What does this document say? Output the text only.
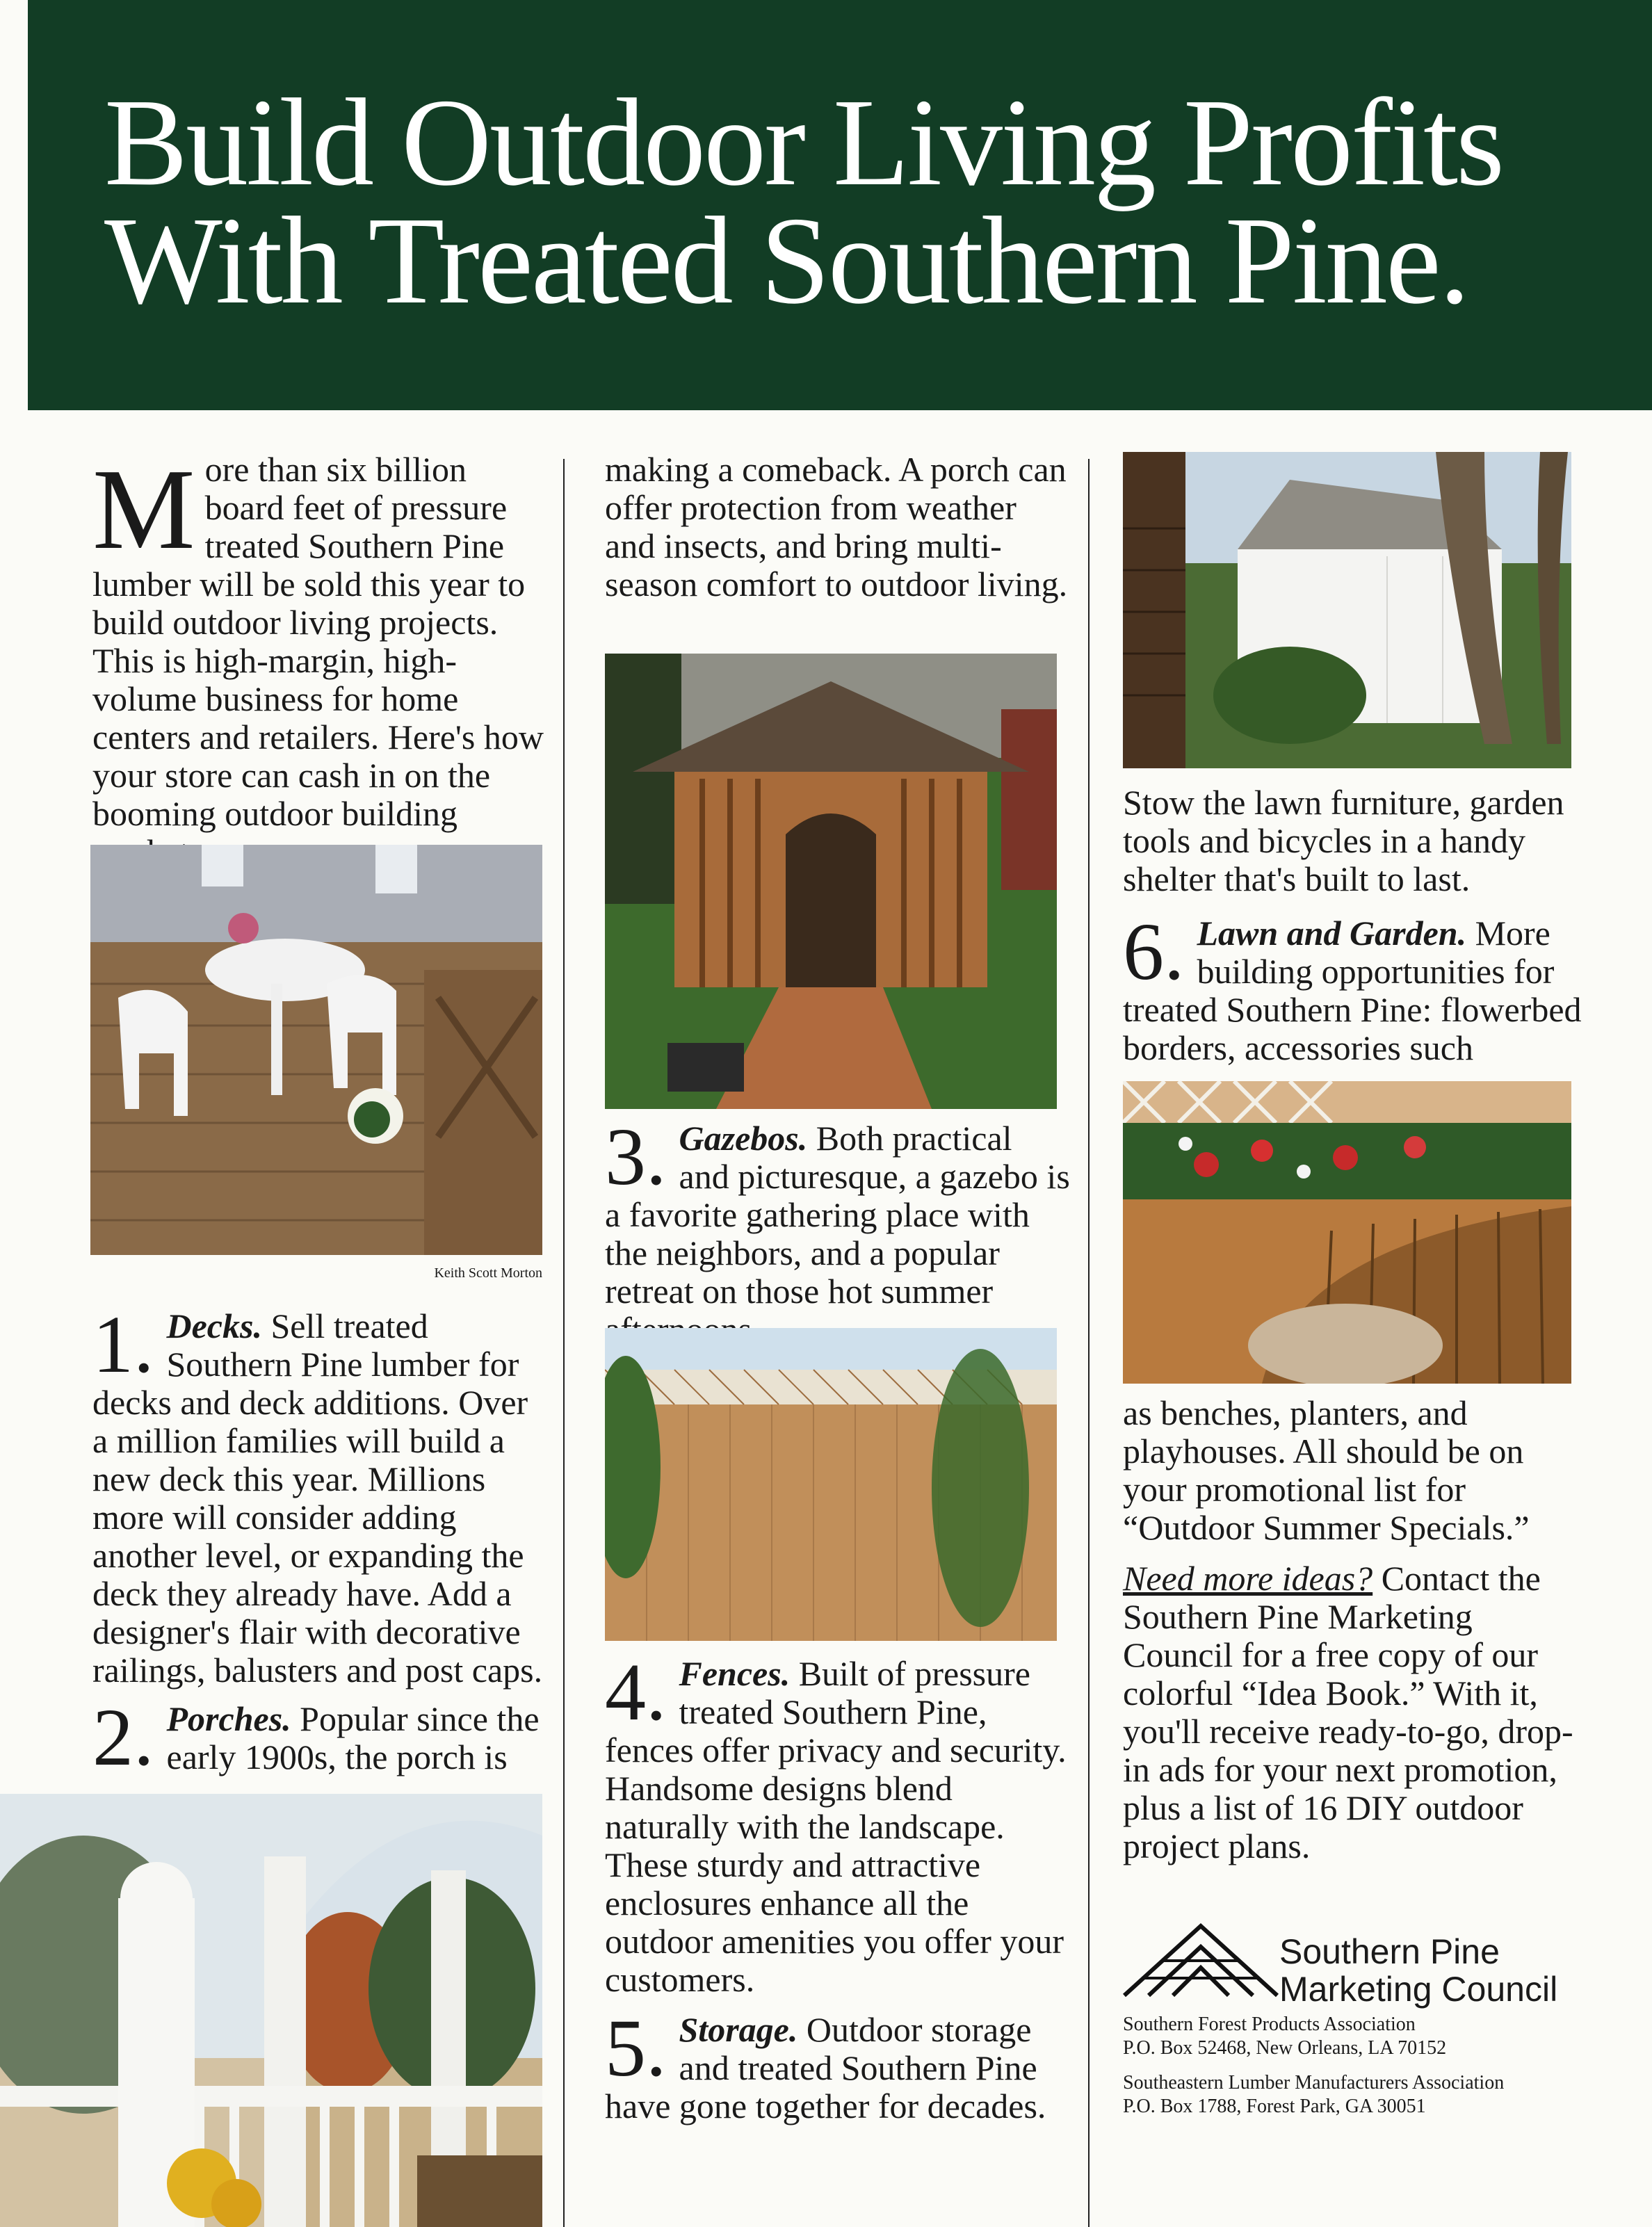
Build Outdoor Living Profits
With Treated Southern Pine.
More than six billion board feet of pressure treated Southern Pine lumber will be sold this year to build outdoor living projects. This is high-margin, high-volume business for home centers and retailers. Here's how your store can cash in on the booming outdoor building
Keith Scott Morton
1. Decks. Sell treated Southern Pine lumber for decks and deck additions. Over a million families will build a new deck this year. Millions more will consider adding another level, or expanding the deck they already have. Add a designer's flair with decorative railings, balusters and post caps.
2. Porches. Popular since the early 1900s, the porch is
making a comeback. A porch can offer protection from weather and insects, and bring multi-season comfort to outdoor living.
3. Gazebos. Both practical and picturesque, a gazebo is a favorite gathering place with the neighbors, and a popular retreat on those hot summer
4. Fences. Built of pressure treated Southern Pine, fences offer privacy and security. Handsome designs blend naturally with the landscape. These sturdy and attractive enclosures enhance all the outdoor amenities you offer your customers.
5. Storage. Outdoor storage and treated Southern Pine have gone together for decades.
Stow the lawn furniture, garden tools and bicycles in a handy shelter that's built to last.
6. Lawn and Garden. More building opportunities for treated Southern Pine: flowerbed borders, accessories such
as benches, planters, and playhouses. All should be on your promotional list for “Outdoor Summer Specials.”
Need more ideas? Contact the Southern Pine Marketing Council for a free copy of our colorful “Idea Book.” With it, you'll receive ready-to-go, drop-in ads for your next promotion, plus a list of 16 DIY outdoor project plans.
Southern Pine
Marketing Council
Southern Forest Products Association
P.O. Box 52468, New Orleans, LA 70152
Southeastern Lumber Manufacturers Association
P.O. Box 1788, Forest Park, GA 30051
